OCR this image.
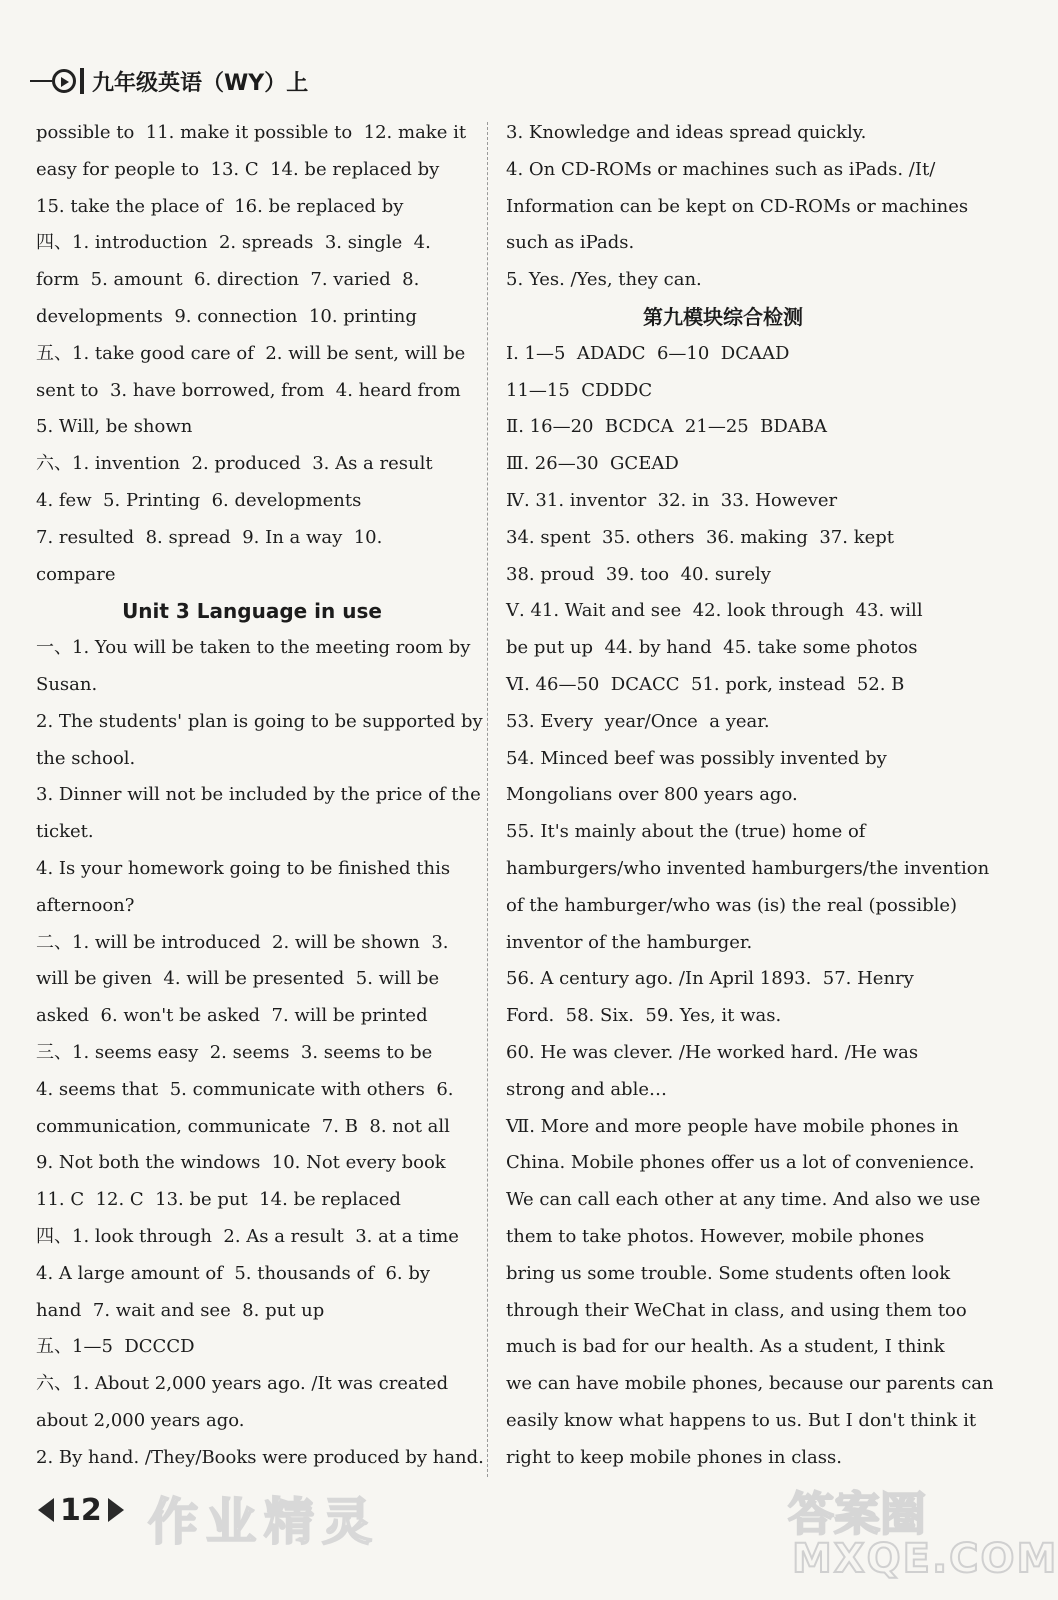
九年级英语（WY）上
possible to  11. make it possible to  12. make it
easy for people to  13. C  14. be replaced by
15. take the place of  16. be replaced by
四、1. introduction  2. spreads  3. single  4.
form  5. amount  6. direction  7. varied  8.
developments  9. connection  10. printing
五、1. take good care of  2. will be sent, will be
sent to  3. have borrowed, from  4. heard from
5. Will, be shown
六、1. invention  2. produced  3. As a result
4. few  5. Printing  6. developments
7. resulted  8. spread  9. In a way  10.
compare
Unit 3 Language in use
一、1. You will be taken to the meeting room by
Susan.
2. The students' plan is going to be supported by
the school.
3. Dinner will not be included by the price of the
ticket.
4. Is your homework going to be finished this
afternoon?
二、1. will be introduced  2. will be shown  3.
will be given  4. will be presented  5. will be
asked  6. won't be asked  7. will be printed
三、1. seems easy  2. seems  3. seems to be
4. seems that  5. communicate with others  6.
communication, communicate  7. B  8. not all
9. Not both the windows  10. Not every book
11. C  12. C  13. be put  14. be replaced
四、1. look through  2. As a result  3. at a time
4. A large amount of  5. thousands of  6. by
hand  7. wait and see  8. put up
五、1—5  DCCCD
六、1. About 2,000 years ago. /It was created
about 2,000 years ago.
2. By hand. /They/Books were produced by hand.
3. Knowledge and ideas spread quickly.
4. On CD-ROMs or machines such as iPads. /It/
Information can be kept on CD-ROMs or machines
such as iPads.
5. Yes. /Yes, they can.
第九模块综合检测
Ⅰ. 1—5  ADADC  6—10  DCAAD
11—15  CDDDC
Ⅱ. 16—20  BCDCA  21—25  BDABA
Ⅲ. 26—30  GCEAD
Ⅳ. 31. inventor  32. in  33. However
34. spent  35. others  36. making  37. kept
38. proud  39. too  40. surely
Ⅴ. 41. Wait and see  42. look through  43. will
be put up  44. by hand  45. take some photos
Ⅵ. 46—50  DCACC  51. pork, instead  52. B
53. Every  year/Once  a year.
54. Minced beef was possibly invented by
Mongolians over 800 years ago.
55. It's mainly about the (true) home of
hamburgers/who invented hamburgers/the invention
of the hamburger/who was (is) the real (possible)
inventor of the hamburger.
56. A century ago. /In April 1893.  57. Henry
Ford.  58. Six.  59. Yes, it was.
60. He was clever. /He worked hard. /He was
strong and able…
Ⅶ. More and more people have mobile phones in
China. Mobile phones offer us a lot of convenience.
We can call each other at any time. And also we use
them to take photos. However, mobile phones
bring us some trouble. Some students often look
through their WeChat in class, and using them too
much is bad for our health. As a student, I think
we can have mobile phones, because our parents can
easily know what happens to us. But I don't think it
right to keep mobile phones in class.
12 作业精灵	答案圈
MXQE.COM
